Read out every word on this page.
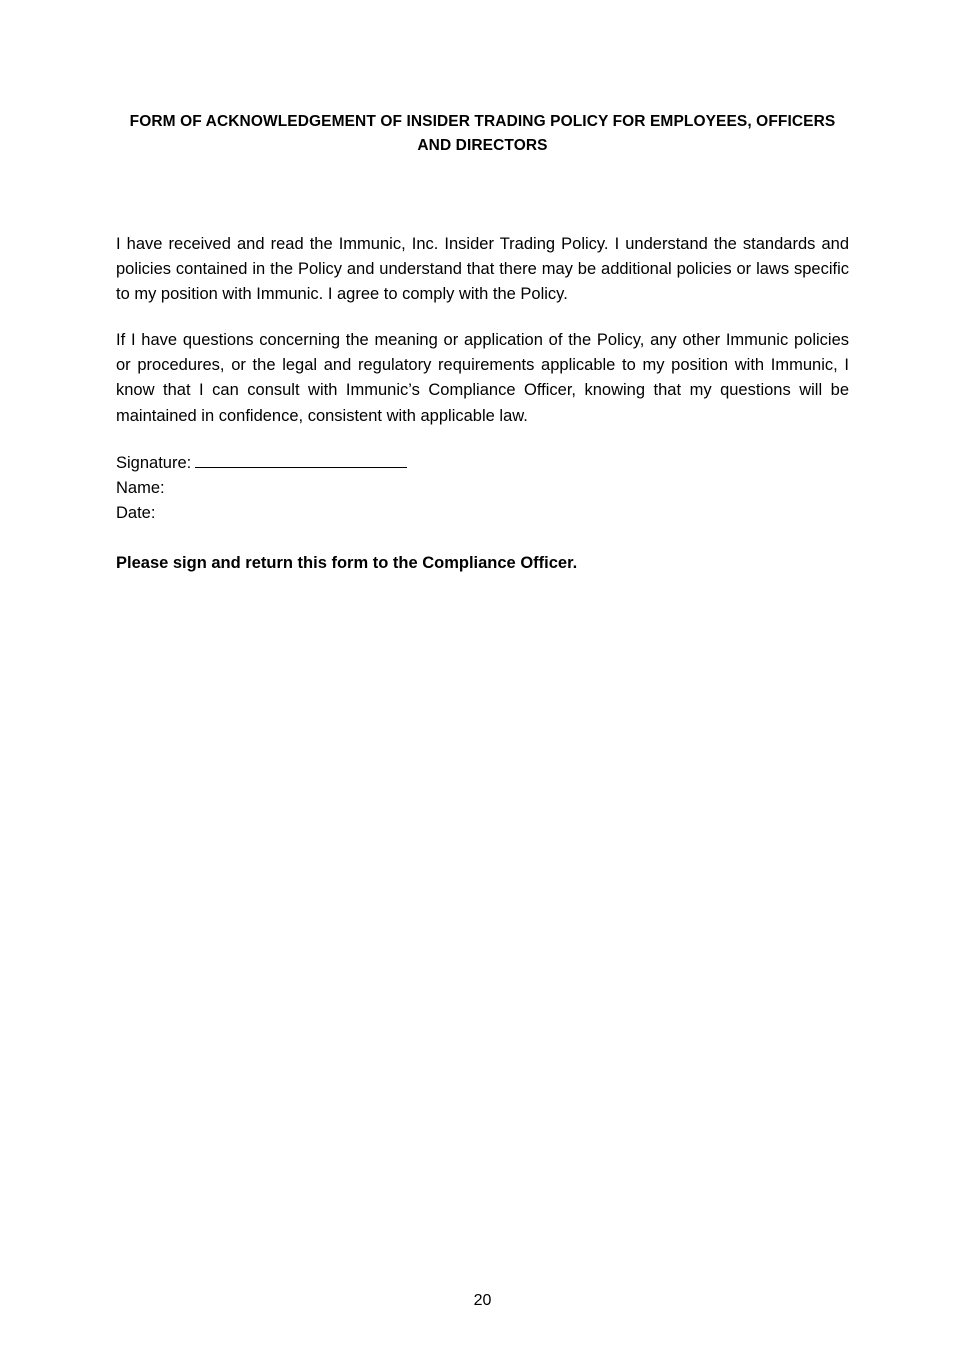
FORM OF ACKNOWLEDGEMENT OF INSIDER TRADING POLICY FOR EMPLOYEES, OFFICERS AND DIRECTORS

I have received and read the Immunic, Inc. Insider Trading Policy. I understand the standards and policies contained in the Policy and understand that there may be additional policies or laws specific to my position with Immunic. I agree to comply with the Policy.

If I have questions concerning the meaning or application of the Policy, any other Immunic policies or procedures, or the legal and regulatory requirements applicable to my position with Immunic, I know that I can consult with Immunic’s Compliance Officer, knowing that my questions will be maintained in confidence, consistent with applicable law.

Signature:
Name:
Date:

Please sign and return this form to the Compliance Officer.

20
